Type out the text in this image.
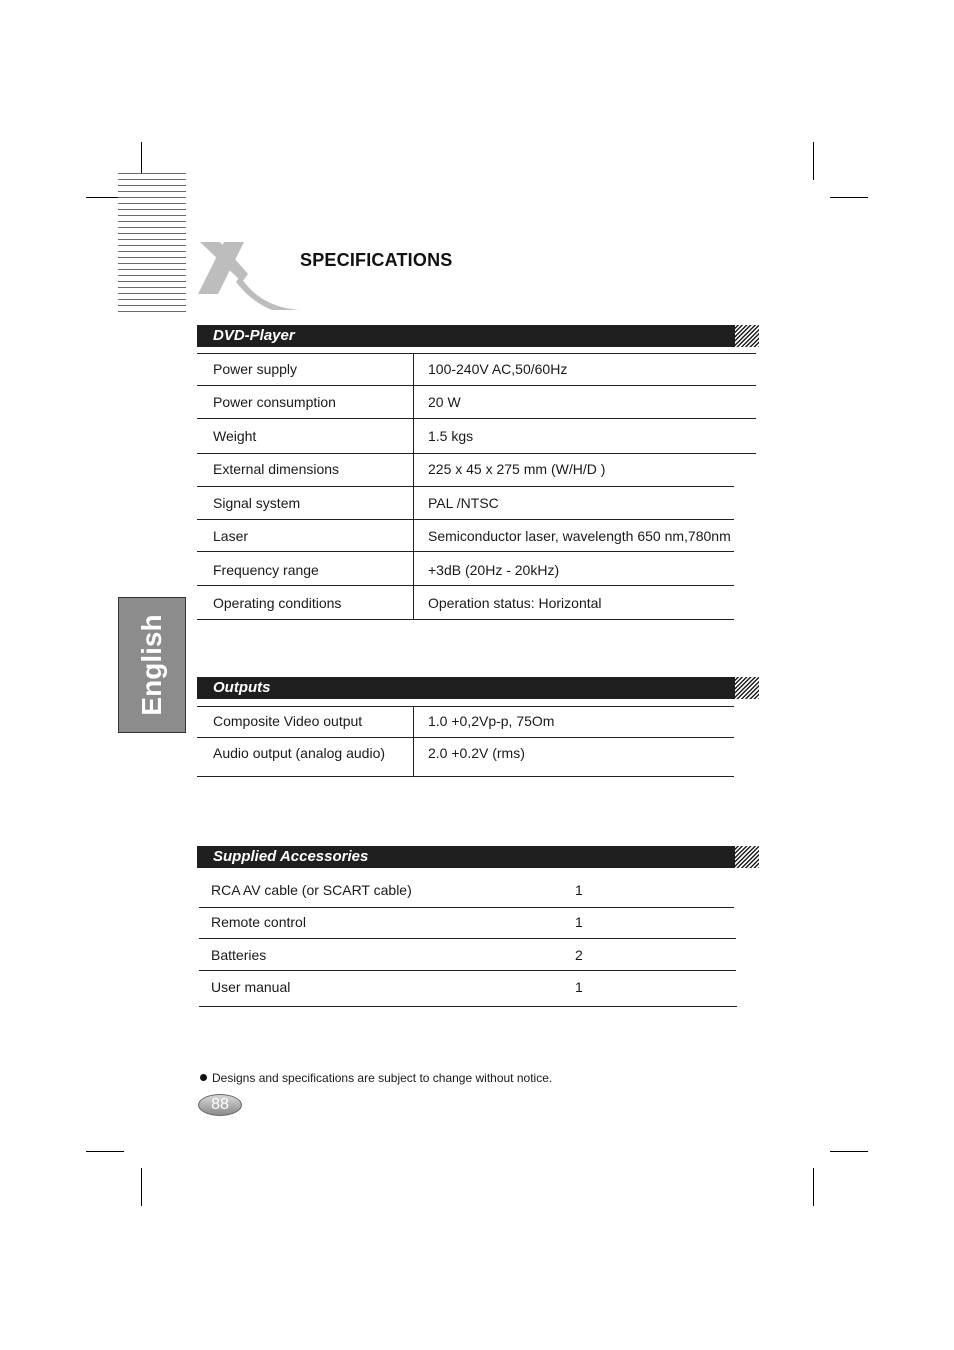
SPECIFICATIONS
DVD-Player
Power supply	100-240V AC,50/60Hz
Power consumption	20 W
Weight	1.5 kgs
External dimensions	225 x 45 x 275 mm (W/H/D )
Signal system	PAL /NTSC
Laser	Semiconductor laser, wavelength 650 nm,780nm
Frequency range	+3dB (20Hz - 20kHz)
Operating conditions	Operation status: Horizontal
English	Outputs
Composite Video output	1.0 +0,2Vp-p, 75Om
Audio output (analog audio)	2.0 +0.2V (rms)
Supplied Accessories
RCA AV cable (or SCART cable)	1
Remote control	1
Batteries	2
User manual	1
Designs and specifications are subject to change without notice.
88
